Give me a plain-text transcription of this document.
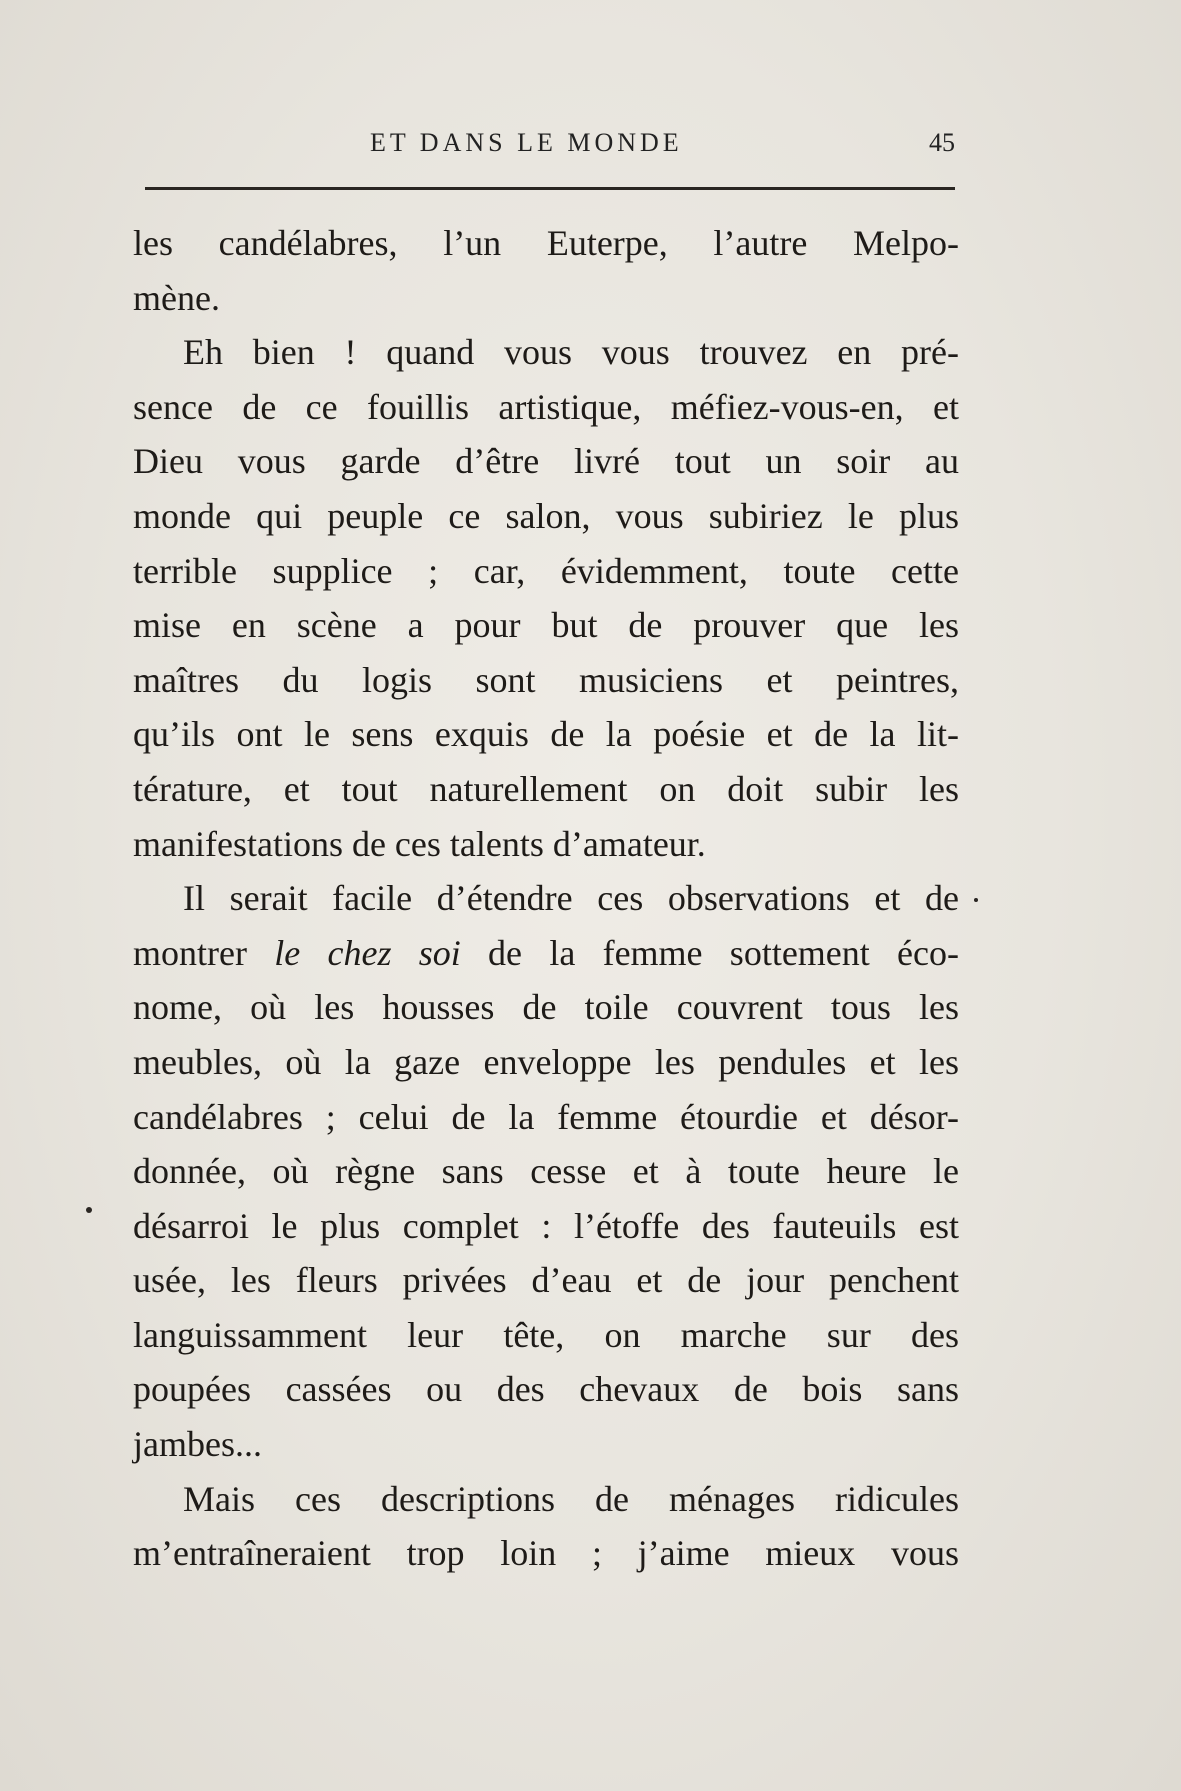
ET DANS LE MONDE	45
les candélabres, l’un Euterpe, l’autre Melpo-
mène.
Eh bien ! quand vous vous trouvez en pré-
sence de ce fouillis artistique, méfiez-vous-en, et
Dieu vous garde d’être livré tout un soir au
monde qui peuple ce salon, vous subiriez le plus
terrible supplice ; car, évidemment, toute cette
mise en scène a pour but de prouver que les
maîtres du logis sont musiciens et peintres,
qu’ils ont le sens exquis de la poésie et de la lit-
térature, et tout naturellement on doit subir les
manifestations de ces talents d’amateur.
Il serait facile d’étendre ces observations et de
montrer le chez soi de la femme sottement éco-
nome, où les housses de toile couvrent tous les
meubles, où la gaze enveloppe les pendules et les
candélabres ; celui de la femme étourdie et désor-
donnée, où règne sans cesse et à toute heure le
désarroi le plus complet : l’étoffe des fauteuils est
usée, les fleurs privées d’eau et de jour penchent
languissamment leur tête, on marche sur des
poupées cassées ou des chevaux de bois sans
jambes...
Mais ces descriptions de ménages ridicules
m’entraîneraient trop loin ; j’aime mieux vous
